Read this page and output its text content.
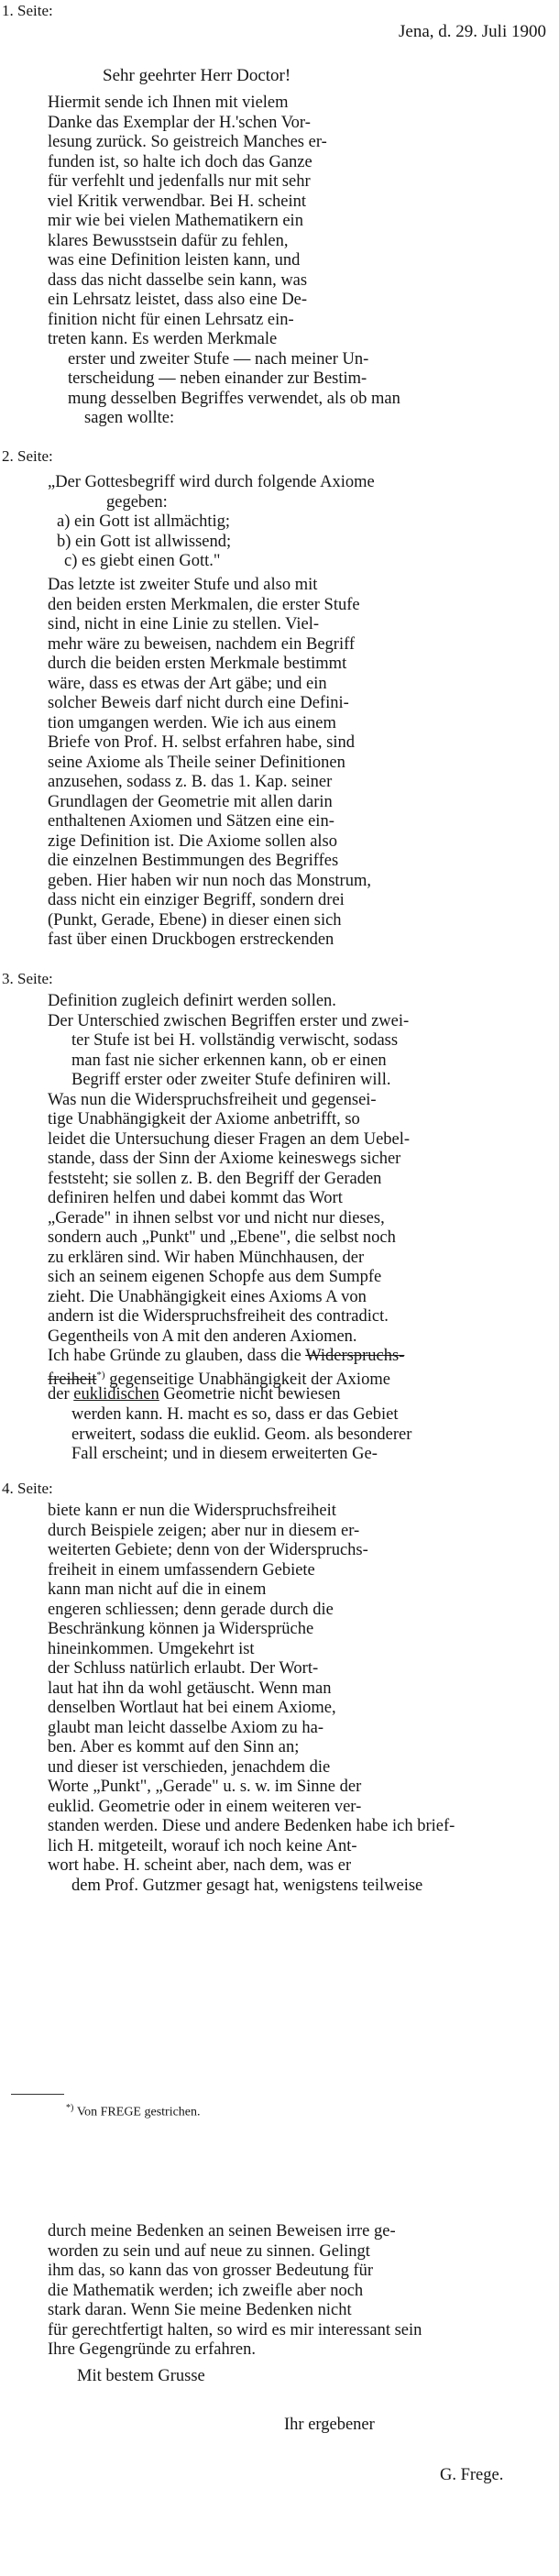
1. Seite:
Jena, d. 29. Juli 1900
Sehr geehrter Herr Doctor!
Hiermit sende ich Ihnen mit vielem
Danke das Exemplar der H.'schen Vor-
lesung zurück. So geistreich Manches er-
funden ist, so halte ich doch das Ganze
für verfehlt und jedenfalls nur mit sehr
viel Kritik verwendbar. Bei H. scheint
mir wie bei vielen Mathematikern ein
klares Bewusstsein dafür zu fehlen,
was eine Definition leisten kann, und
dass das nicht dasselbe sein kann, was
ein Lehrsatz leistet, dass also eine De-
finition nicht für einen Lehrsatz ein-
treten kann. Es werden Merkmale
erster und zweiter Stufe — nach meiner Un-
terscheidung — neben einander zur Bestim-
mung desselben Begriffes verwendet, als ob man
sagen wollte:
2. Seite:
„Der Gottesbegriff wird durch folgende Axiome
gegeben:
a) ein Gott ist allmächtig;
b) ein Gott ist allwissend;
c) es giebt einen Gott."
Das letzte ist zweiter Stufe und also mit
den beiden ersten Merkmalen, die erster Stufe
sind, nicht in eine Linie zu stellen. Viel-
mehr wäre zu beweisen, nachdem ein Begriff
durch die beiden ersten Merkmale bestimmt
wäre, dass es etwas der Art gäbe; und ein
solcher Beweis darf nicht durch eine Defini-
tion umgangen werden. Wie ich aus einem
Briefe von Prof. H. selbst erfahren habe, sind
seine Axiome als Theile seiner Definitionen
anzusehen, sodass z. B. das 1. Kap. seiner
Grundlagen der Geometrie mit allen darin
enthaltenen Axiomen und Sätzen eine ein-
zige Definition ist. Die Axiome sollen also
die einzelnen Bestimmungen des Begriffes
geben. Hier haben wir nun noch das Monstrum,
dass nicht ein einziger Begriff, sondern drei
(Punkt, Gerade, Ebene) in dieser einen sich
fast über einen Druckbogen erstreckenden
3. Seite:
Definition zugleich definirt werden sollen.
Der Unterschied zwischen Begriffen erster und zwei-
ter Stufe ist bei H. vollständig verwischt, sodass
man fast nie sicher erkennen kann, ob er einen
Begriff erster oder zweiter Stufe definiren will.
Was nun die Widerspruchsfreiheit und gegensei-
tige Unabhängigkeit der Axiome anbetrifft, so
leidet die Untersuchung dieser Fragen an dem Uebel-
stande, dass der Sinn der Axiome keineswegs sicher
feststeht; sie sollen z. B. den Begriff der Geraden
definiren helfen und dabei kommt das Wort
„Gerade" in ihnen selbst vor und nicht nur dieses,
sondern auch „Punkt" und „Ebene", die selbst noch
zu erklären sind. Wir haben Münchhausen, der
sich an seinem eigenen Schopfe aus dem Sumpfe
zieht. Die Unabhängigkeit eines Axioms A von
andern ist die Widerspruchsfreiheit des contradict.
Gegentheils von A mit den anderen Axiomen.
Ich habe Gründe zu glauben, dass die Widerspruchs-
freiheit*) gegenseitige Unabhängigkeit der Axiome
der euklidischen Geometrie nicht bewiesen
werden kann. H. macht es so, dass er das Gebiet
erweitert, sodass die euklid. Geom. als besonderer
Fall erscheint; und in diesem erweiterten Ge-
4. Seite:
biete kann er nun die Widerspruchsfreiheit
durch Beispiele zeigen; aber nur in diesem er-
weiterten Gebiete; denn von der Widerspruchs-
freiheit in einem umfassendern Gebiete
kann man nicht auf die in einem
engeren schliessen; denn gerade durch die
Beschränkung können ja Widersprüche
hineinkommen. Umgekehrt ist
der Schluss natürlich erlaubt. Der Wort-
laut hat ihn da wohl getäuscht. Wenn man
denselben Wortlaut hat bei einem Axiome,
glaubt man leicht dasselbe Axiom zu ha-
ben. Aber es kommt auf den Sinn an;
und dieser ist verschieden, jenachdem die
Worte „Punkt", „Gerade" u. s. w. im Sinne der
euklid. Geometrie oder in einem weiteren ver-
standen werden. Diese und andere Bedenken habe ich brief-
lich H. mitgeteilt, worauf ich noch keine Ant-
wort habe. H. scheint aber, nach dem, was er
dem Prof. Gutzmer gesagt hat, wenigstens teilweise
*) Von FREGE gestrichen.
durch meine Bedenken an seinen Beweisen irre ge-
worden zu sein und auf neue zu sinnen. Gelingt
ihm das, so kann das von grosser Bedeutung für
die Mathematik werden; ich zweifle aber noch
stark daran. Wenn Sie meine Bedenken nicht
für gerechtfertigt halten, so wird es mir interessant sein
Ihre Gegengründe zu erfahren.
Mit bestem Grusse
Ihr ergebener
G. Frege.
